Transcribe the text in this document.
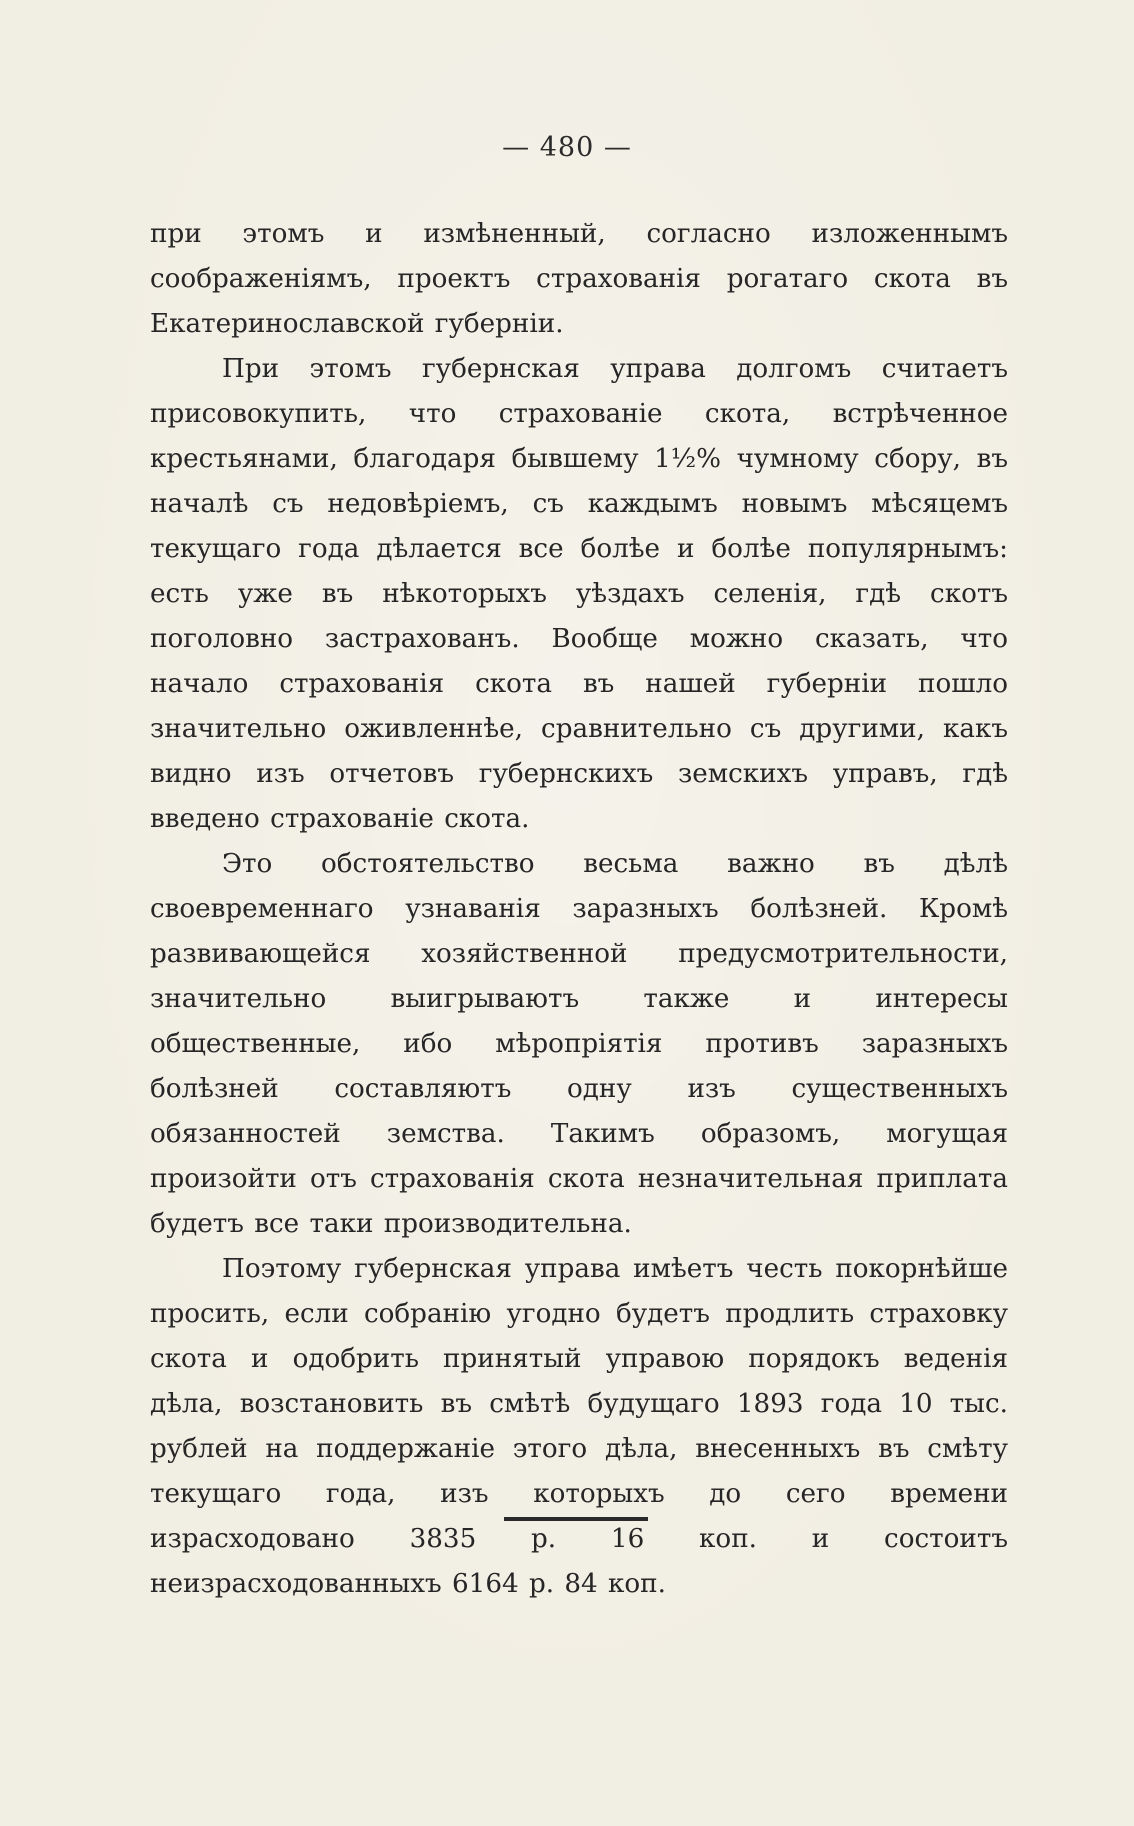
— 480 —

при этомъ и измѣненный, согласно изложеннымъ соображеніямъ, проектъ страхованія рогатаго скота въ Екатеринославской губерніи.

При этомъ губернская управа долгомъ считаетъ присовокупить, что страхованіе скота, встрѣченное крестьянами, благодаря бывшему 1½% чумному сбору, въ началѣ съ недовѣріемъ, съ каждымъ новымъ мѣсяцемъ текущаго года дѣлается все болѣе и болѣе популярнымъ: есть уже въ нѣкоторыхъ уѣздахъ селенія, гдѣ скотъ поголовно застрахованъ. Вообще можно сказать, что начало страхованія скота въ нашей губерніи пошло значительно оживленнѣе, сравнительно съ другими, какъ видно изъ отчетовъ губернскихъ земскихъ управъ, гдѣ введено страхованіе скота.

Это обстоятельство весьма важно въ дѣлѣ своевременнаго узнаванія заразныхъ болѣзней. Кромѣ развивающейся хозяйственной предусмотрительности, значительно выигрываютъ также и интересы общественные, ибо мѣропріятія противъ заразныхъ болѣзней составляютъ одну изъ существенныхъ обязанностей земства. Такимъ образомъ, могущая произойти отъ страхованія скота незначительная приплата будетъ все таки производительна.

Поэтому губернская управа имѣетъ честь покорнѣйше просить, если собранію угодно будетъ продлить страховку скота и одобрить принятый управою порядокъ веденія дѣла, возстановить въ смѣтѣ будущаго 1893 года 10 тыс. рублей на поддержаніе этого дѣла, внесенныхъ въ смѣту текущаго года, изъ которыхъ до сего времени израсходовано 3835 р. 16 коп. и состоитъ неизрасходованныхъ 6164 р. 84 коп.
